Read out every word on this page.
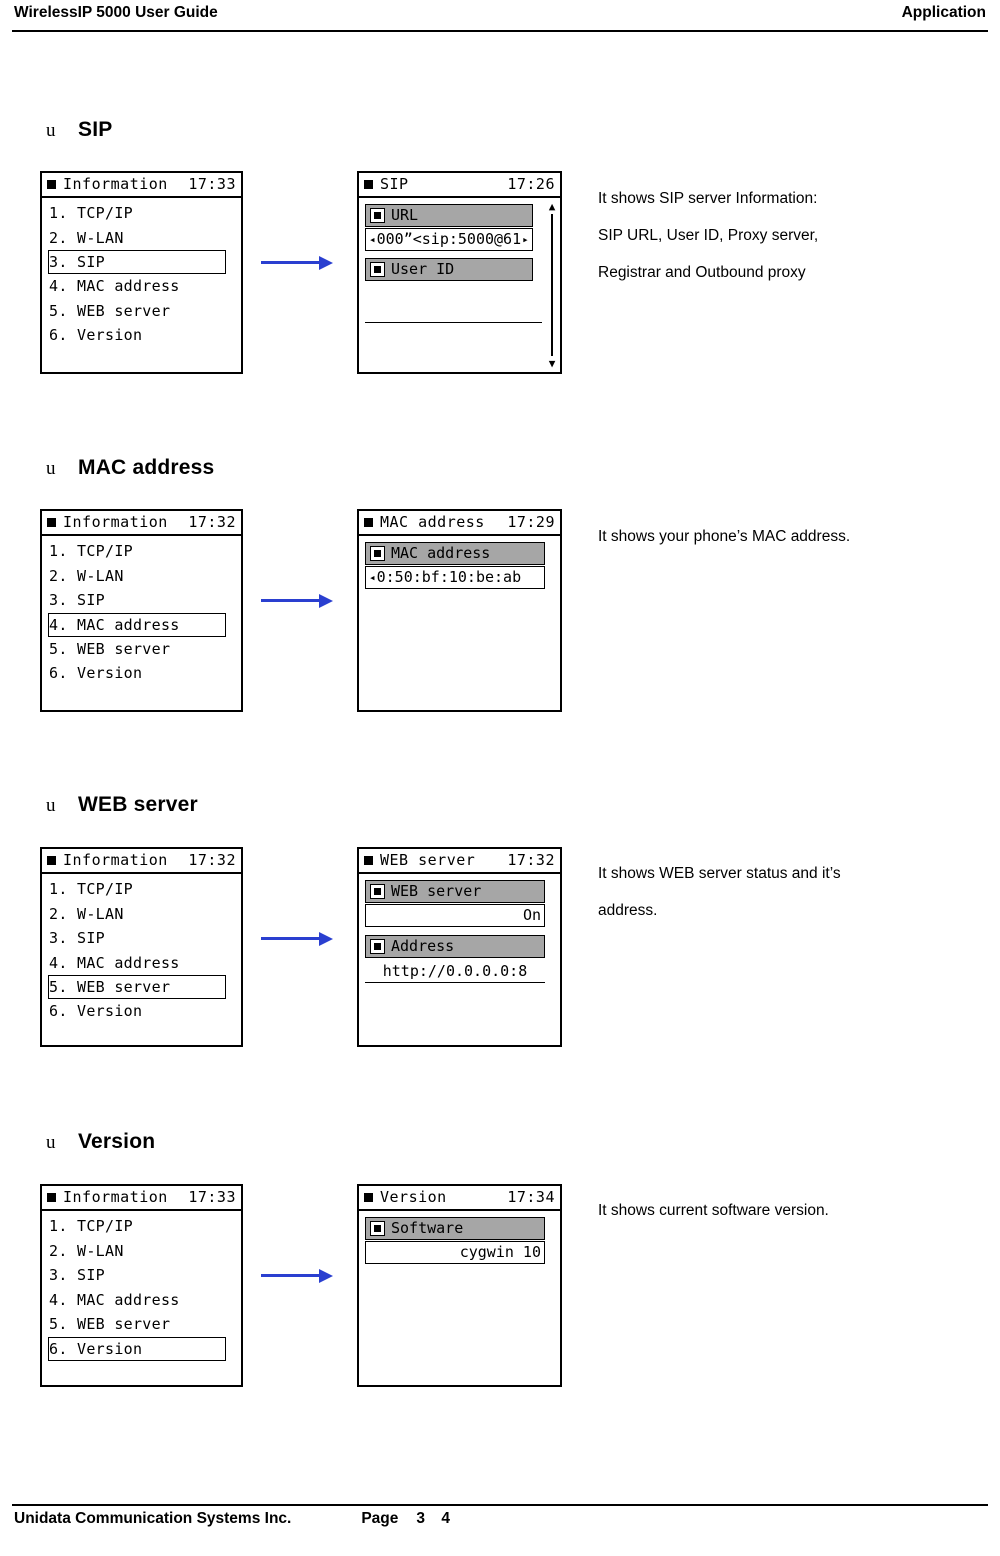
WirelessIP 5000 User Guide	Application
u	SIP
Information 17:33
1. TCP/IP
2. W-LAN
3. SIP
4. MAC address
5. WEB server
6. Version
SIP	17:26
URL
◂ 000”<sip:5000@61
▸
User ID
▲
▼
It shows SIP server Information:
SIP URL, User ID, Proxy server,
Registrar and Outbound proxy
u	MAC address
Information 17:32
1. TCP/IP
2. W-LAN
3. SIP
4. MAC address
5. WEB server
6. Version
MAC address 17:29
MAC address
◂ 0:50:bf:10:be:ab
It shows your phone’s MAC address.
u	WEB server
Information 17:32
1. TCP/IP
2. W-LAN
3. SIP
4. MAC address
5. WEB server
6. Version
WEB server 17:32
WEB server
On
Address
http://0.0.0.0:8
It shows WEB server status and it’s
address.
u	Version
Information 17:33
1. TCP/IP
2. W-LAN
3. SIP
4. MAC address
5. WEB server
6. Version
Version	17:34
Software
cygwin 10
It shows current software version.
Unidata Communication Systems Inc.	Page 3 4
